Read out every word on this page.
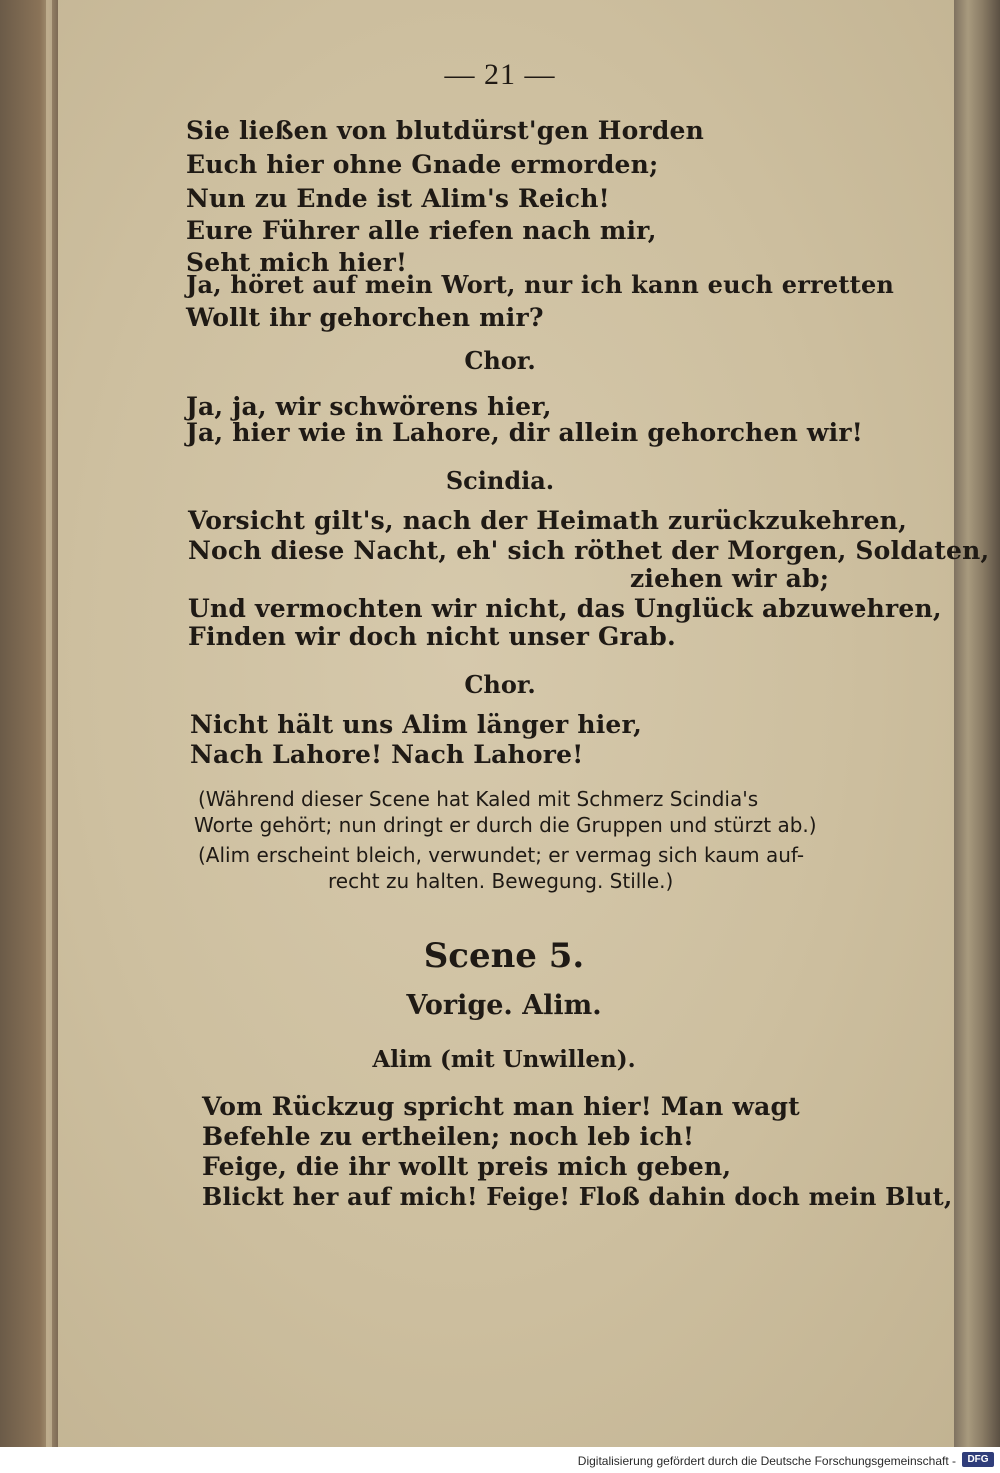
— 21 —
Sie ließen von blutdürst'gen Horden
Euch hier ohne Gnade ermorden;
Nun zu Ende ist Alim's Reich!
Eure Führer alle riefen nach mir,
Seht mich hier!
Ja, höret auf mein Wort, nur ich kann euch erretten
Wollt ihr gehorchen mir?
Chor.
Ja, ja, wir schwörens hier,
Ja, hier wie in Lahore, dir allein gehorchen wir!
Scindia.
Vorsicht gilt's, nach der Heimath zurückzukehren,
Noch diese Nacht, eh' sich röthet der Morgen, Soldaten,
ziehen wir ab;
Und vermochten wir nicht, das Unglück abzuwehren,
Finden wir doch nicht unser Grab.
Chor.
Nicht hält uns Alim länger hier,
Nach Lahore! Nach Lahore!
(Während dieser Scene hat Kaled mit Schmerz Scindia's
Worte gehört; nun dringt er durch die Gruppen und stürzt ab.)
(Alim erscheint bleich, verwundet; er vermag sich kaum auf-
recht zu halten. Bewegung. Stille.)
Scene 5.
Vorige. Alim.
Alim (mit Unwillen).
Vom Rückzug spricht man hier! Man wagt
Befehle zu ertheilen; noch leb ich!
Feige, die ihr wollt preis mich geben,
Blickt her auf mich! Feige! Floß dahin doch mein Blut,
Digitalisierung gefördert durch die Deutsche Forschungsgemeinschaft -	DFG
